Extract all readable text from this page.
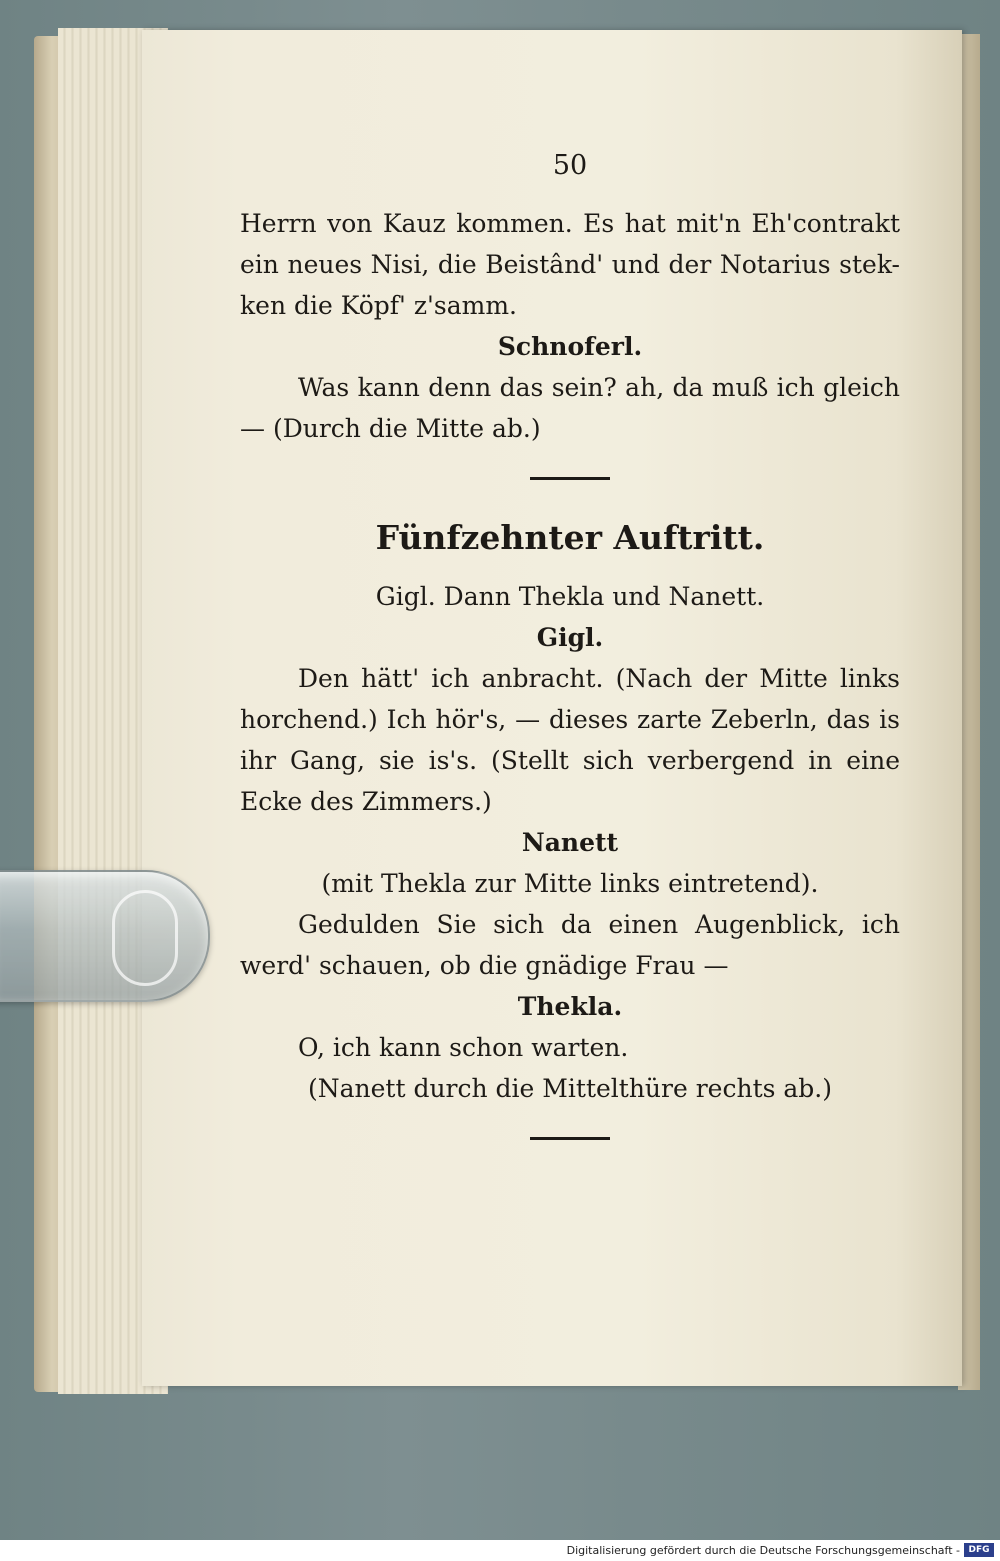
50

Herrn von Kauz kommen. Es hat mit'n Eh'contrakt ein neues Nisi, die Beistând' und der Notarius stek-ken die Köpf' z'samm.

Schnoferl.

Was kann denn das sein? ah, da muß ich gleich — (Durch die Mitte ab.)

Fünfzehnter Auftritt.

Gigl. Dann Thekla und Nanett.

Gigl.

Den hätt' ich anbracht. (Nach der Mitte links horchend.) Ich hör's, — dieses zarte Zeberln, das is ihr Gang, sie is's. (Stellt sich verbergend in eine Ecke des Zimmers.)

Nanett

(mit Thekla zur Mitte links eintretend).

Gedulden Sie sich da einen Augenblick, ich werd' schauen, ob die gnädige Frau —

Thekla.

O, ich kann schon warten.

(Nanett durch die Mittelthüre rechts ab.)

Digitalisierung gefördert durch die Deutsche Forschungsgemeinschaft - DFG
